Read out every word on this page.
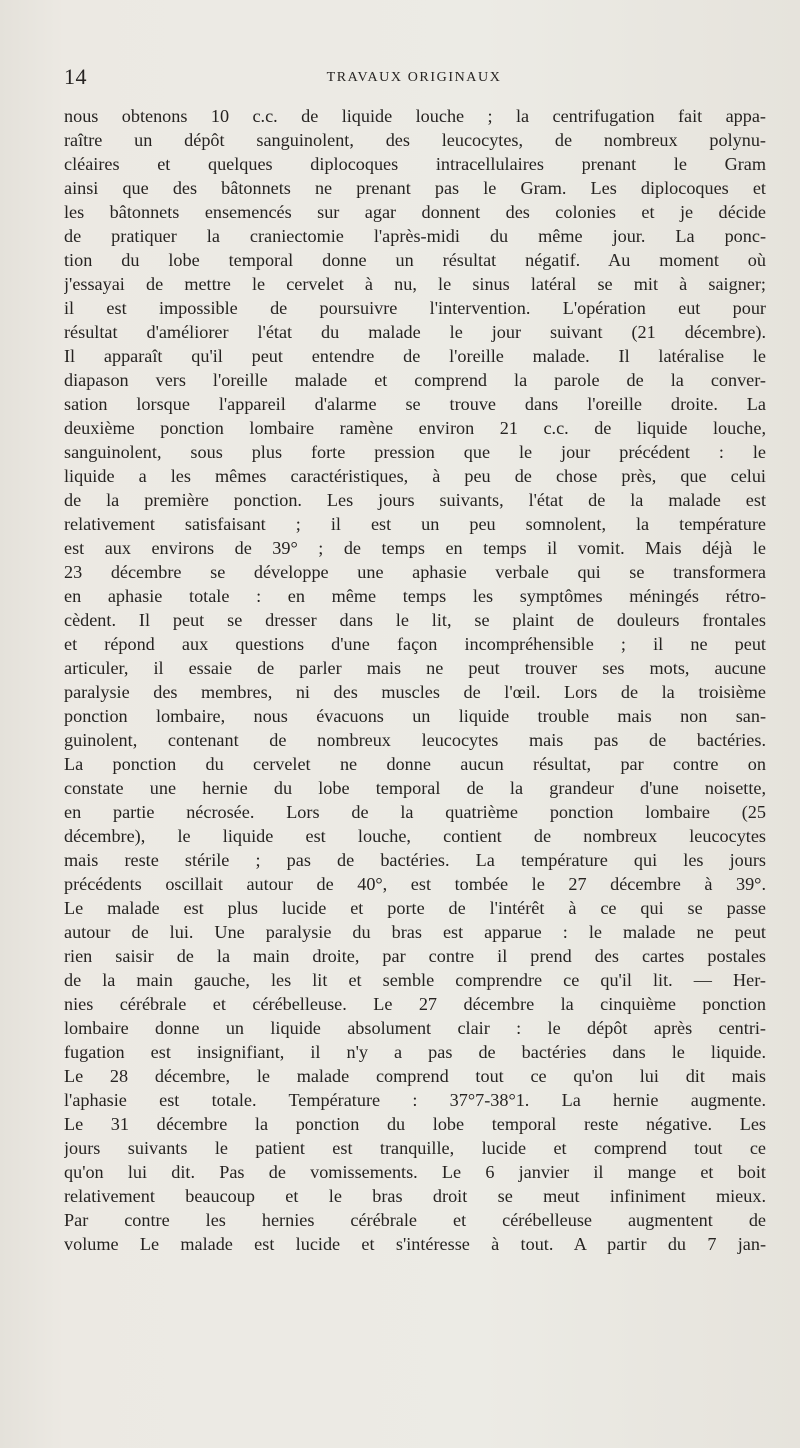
14	TRAVAUX ORIGINAUX
nous obtenons 10 c.c. de liquide louche ; la centrifugation fait appa-
raître un dépôt sanguinolent, des leucocytes, de nombreux polynu-
cléaires et quelques diplocoques intracellulaires prenant le Gram
ainsi que des bâtonnets ne prenant pas le Gram. Les diplocoques et
les bâtonnets ensemencés sur agar donnent des colonies et je décide
de pratiquer la craniectomie l'après-midi du même jour. La ponc-
tion du lobe temporal donne un résultat négatif. Au moment où
j'essayai de mettre le cervelet à nu, le sinus latéral se mit à saigner;
il est impossible de poursuivre l'intervention. L'opération eut pour
résultat d'améliorer l'état du malade le jour suivant (21 décembre).
Il apparaît qu'il peut entendre de l'oreille malade. Il latéralise le
diapason vers l'oreille malade et comprend la parole de la conver-
sation lorsque l'appareil d'alarme se trouve dans l'oreille droite. La
deuxième ponction lombaire ramène environ 21 c.c. de liquide louche,
sanguinolent, sous plus forte pression que le jour précédent : le
liquide a les mêmes caractéristiques, à peu de chose près, que celui
de la première ponction. Les jours suivants, l'état de la malade est
relativement satisfaisant ; il est un peu somnolent, la température
est aux environs de 39° ; de temps en temps il vomit. Mais déjà le
23 décembre se développe une aphasie verbale qui se transformera
en aphasie totale : en même temps les symptômes méningés rétro-
cèdent. Il peut se dresser dans le lit, se plaint de douleurs frontales
et répond aux questions d'une façon incompréhensible ; il ne peut
articuler, il essaie de parler mais ne peut trouver ses mots, aucune
paralysie des membres, ni des muscles de l'œil. Lors de la troisième
ponction lombaire, nous évacuons un liquide trouble mais non san-
guinolent, contenant de nombreux leucocytes mais pas de bactéries.
La ponction du cervelet ne donne aucun résultat, par contre on
constate une hernie du lobe temporal de la grandeur d'une noisette,
en partie nécrosée. Lors de la quatrième ponction lombaire (25
décembre), le liquide est louche, contient de nombreux leucocytes
mais reste stérile ; pas de bactéries. La température qui les jours
précédents oscillait autour de 40°, est tombée le 27 décembre à 39°.
Le malade est plus lucide et porte de l'intérêt à ce qui se passe
autour de lui. Une paralysie du bras est apparue : le malade ne peut
rien saisir de la main droite, par contre il prend des cartes postales
de la main gauche, les lit et semble comprendre ce qu'il lit. — Her-
nies cérébrale et cérébelleuse. Le 27 décembre la cinquième ponction
lombaire donne un liquide absolument clair : le dépôt après centri-
fugation est insignifiant, il n'y a pas de bactéries dans le liquide.
Le 28 décembre, le malade comprend tout ce qu'on lui dit mais
l'aphasie est totale. Température : 37°7-38°1. La hernie augmente.
Le 31 décembre la ponction du lobe temporal reste négative. Les
jours suivants le patient est tranquille, lucide et comprend tout ce
qu'on lui dit. Pas de vomissements. Le 6 janvier il mange et boit
relativement beaucoup et le bras droit se meut infiniment mieux.
Par contre les hernies cérébrale et cérébelleuse augmentent de
volume Le malade est lucide et s'intéresse à tout. A partir du 7 jan-
